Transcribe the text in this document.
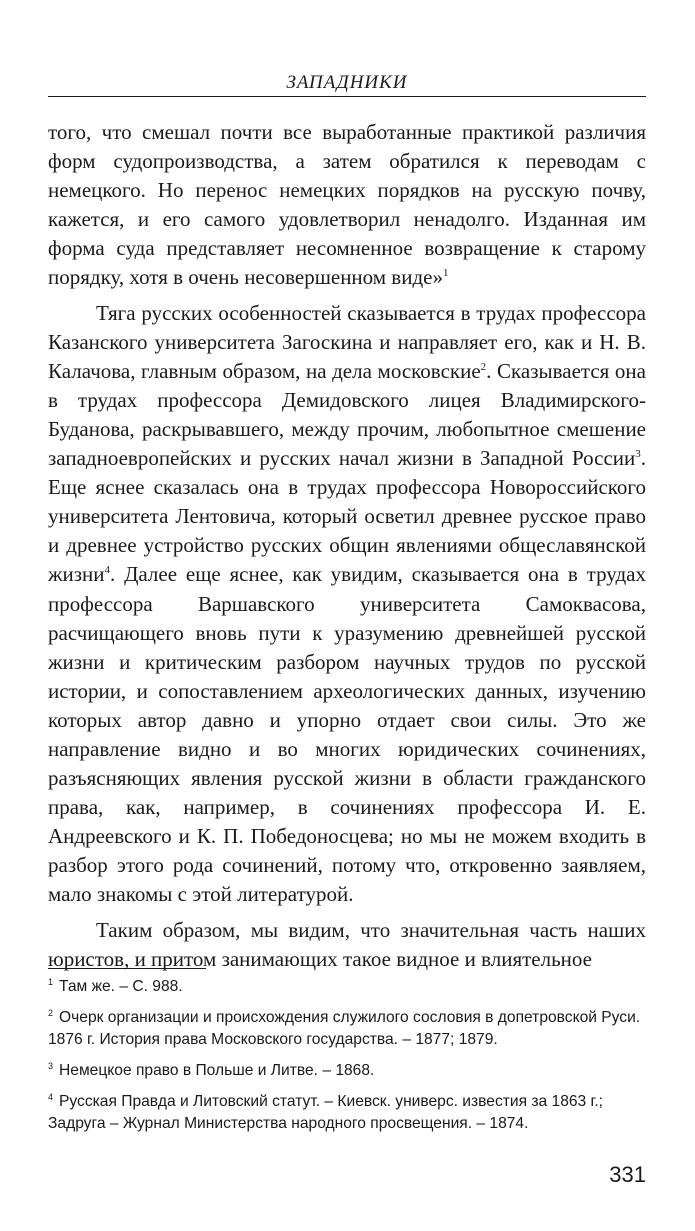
ЗАПАДНИКИ

того, что смешал почти все выработанные практикой различия форм судопроизводства, а затем обратился к переводам с немецкого. Но перенос немецких порядков на русскую почву, кажется, и его самого удовлетворил ненадолго. Изданная им форма суда представляет несомненное возвращение к старому порядку, хотя в очень несовершенном виде»$^1$

Тяга русских особенностей сказывается в трудах профессора Казанского университета Загоскина и направляет его, как и Н. В. Калачова, главным образом, на дела московские$^2$. Сказывается она в трудах профессора Демидовского лицея Владимирского-Буданова, раскрывавшего, между прочим, любопытное смешение западноевропейских и русских начал жизни в Западной России$^3$. Еще яснее сказалась она в трудах профессора Новороссийского университета Лентовича, который осветил древнее русское право и древнее устройство русских общин явлениями общеславянской жизни$^4$. Далее еще яснее, как увидим, сказывается она в трудах профессора Варшавского университета Самоквасова, расчищающего вновь пути к уразумению древнейшей русской жизни и критическим разбором научных трудов по русской истории, и сопоставлением археологических данных, изучению которых автор давно и упорно отдает свои силы. Это же направление видно и во многих юридических сочинениях, разъясняющих явления русской жизни в области гражданского права, как, например, в сочинениях профессора И. Е. Андреевского и К. П. Победоносцева; но мы не можем входить в разбор этого рода сочинений, потому что, откровенно заявляем, мало знакомы с этой литературой.

Таким образом, мы видим, что значительная часть наших юристов, и притом занимающих такое видное и влиятельное

$^1$ Там же. – С. 988.
$^2$ Очерк организации и происхождения служилого сословия в допетровской Руси. 1876 г. История права Московского государства. – 1877; 1879.
$^3$ Немецкое право в Польше и Литве. – 1868.
$^4$ Русская Правда и Литовский статут. – Киевск. универс. известия за 1863 г.; Задруга – Журнал Министерства народного просвещения. – 1874.
331
